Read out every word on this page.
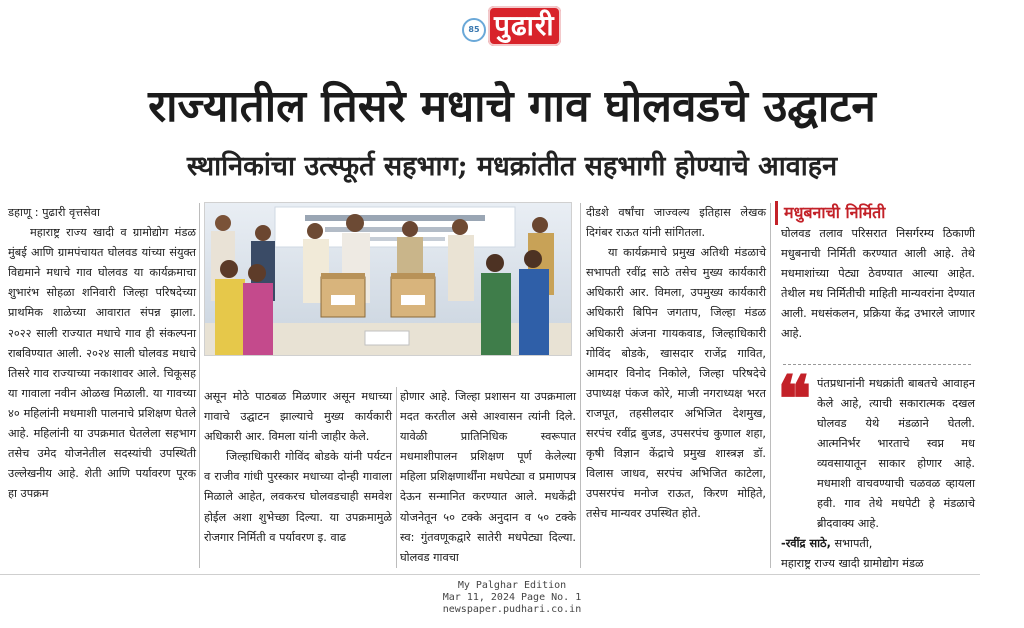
85 पुढारी
राज्यातील तिसरे मधाचे गाव घोलवडचे उद्घाटन
स्थानिकांचा उत्स्फूर्त सहभाग; मधक्रांतीत सहभागी होण्याचे आवाहन

डहाणू : पुढारी वृत्तसेवा

महाराष्ट्र राज्य खादी व ग्रामोद्योग मंडळ मुंबई आणि ग्रामपंचायत घोलवड यांच्या संयुक्त विद्यमाने मधाचे गाव घोलवड या कार्यक्रमाचा शुभारंभ सोहळा शनिवारी जिल्हा परिषदेच्या प्राथमिक शाळेच्या आवारात संपन्न झाला. २०२२ साली राज्यात मधाचे गाव ही संकल्पना राबविण्यात आली. २०२४ साली घोलवड मधाचे तिसरे गाव राज्याच्या नकाशावर आले. चिकूसह या गावाला नवीन ओळख मिळाली. या गावच्या ४० महिलांनी मधमाशी पालनाचे प्रशिक्षण घेतले आहे. महिलांनी या उपक्रमात घेतलेला सहभाग तसेच उमेद योजनेतील सदस्यांची उपस्थिती उल्लेखनीय आहे. शेती आणि पर्यावरण पूरक हा उपक्रम

असून मोठे पाठबळ मिळणार असून मधाच्या गावाचे उद्घाटन झाल्याचे मुख्य कार्यकारी अधिकारी आर. विमला यांनी जाहीर केले.

जिल्हाधिकारी गोविंद बोडके यांनी पर्यटन व राजीव गांधी पुरस्कार मधाच्या दोन्ही गावाला मिळाले आहेत, लवकरच घोलवडचाही समवेश होईल अशा शुभेच्छा दिल्या. या उपक्रमामुळे रोजगार निर्मिती व पर्यावरण इ. वाढ

होणार आहे. जिल्हा प्रशासन या उपक्रमाला मदत करतील असे आश्वासन त्यांनी दिले. यावेळी प्रातिनिधिक स्वरूपात मधमाशीपालन प्रशिक्षण पूर्ण केलेल्या महिला प्रशिक्षणार्थींना मधपेट्या व प्रमाणपत्र देऊन सन्मानित करण्यात आले. मधकेंद्री योजनेतून ५० टक्के अनुदान व ५० टक्के स्व: गुंतवणूकद्वारे सातेरी मधपेट्या दिल्या. घोलवड गावचा

दीडशे वर्षांचा जाज्वल्य इतिहास लेखक दिगंबर राऊत यांनी सांगितला.

या कार्यक्रमाचे प्रमुख अतिथी मंडळाचे सभापती रवींद्र साठे तसेच मुख्य कार्यकारी अधिकारी आर. विमला, उपमुख्य कार्यकारी अधिकारी बिपिन जगताप, जिल्हा मंडळ अधिकारी अंजना गायकवाड, जिल्हाधिकारी गोविंद बोडके, खासदार राजेंद्र गावित, आमदार विनोद निकोले, जिल्हा परिषदेचे उपाध्यक्ष पंकज कोरे, माजी नगराध्यक्ष भरत राजपूत, तहसीलदार अभिजित देशमुख, सरपंच रवींद्र बुजड, उपसरपंच कुणाल शहा, कृषी विज्ञान केंद्राचे प्रमुख शास्त्रज्ञ डॉ. विलास जाधव, सरपंच अभिजित काटेला, उपसरपंच मनोज राऊत, किरण मोहिते, तसेच मान्यवर उपस्थित होते.

मधुबनाची निर्मिती
घोलवड तलाव परिसरात निसर्गरम्य ठिकाणी मधुबनाची निर्मिती करण्यात आली आहे. तेथे मधमाशांच्या पेट्या ठेवण्यात आल्या आहेत. तेथील मध निर्मितीची माहिती मान्यवरांना देण्यात आली. मधसंकलन, प्रक्रिया केंद्र उभारले जाणार आहे.
❝ पंतप्रधानांनी मधक्रांती बाबतचे आवाहन केले आहे, त्याची सकारात्मक दखल घोलवड येथे मंडळाने घेतली. आत्मनिर्भर भारताचे स्वप्न मध व्यवसायातून साकार होणार आहे. मधमाशी वाचवण्याची चळवळ व्हायला हवी. गाव तेथे मधपेटी हे मंडळाचे ब्रीदवाक्य आहे.
-रवींद्र साठे, सभापती,
महाराष्ट्र राज्य खादी ग्रामोद्योग मंडळ
My Palghar Edition
Mar 11, 2024 Page No. 1
newspaper.pudhari.co.in
